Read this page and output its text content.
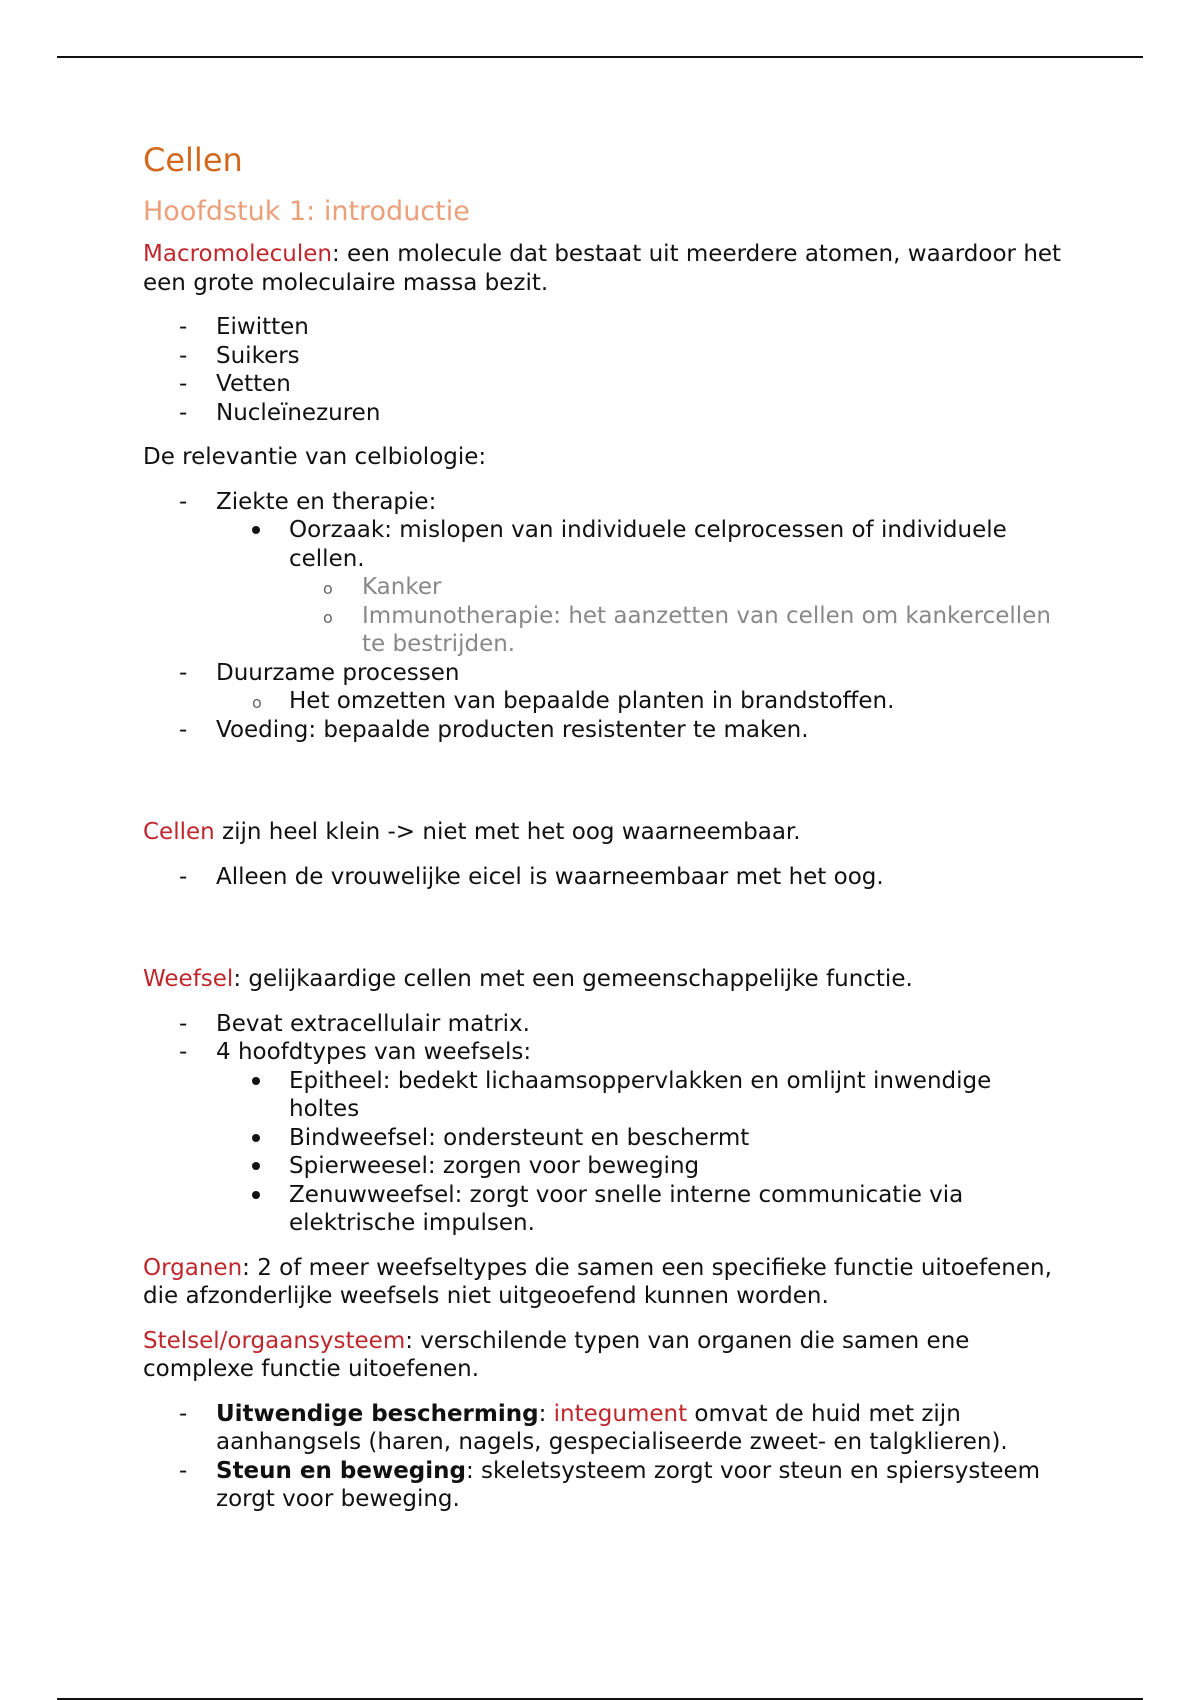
Cellen
Hoofdstuk 1: introductie

Macromoleculen: een molecule dat bestaat uit meerdere atomen, waardoor het een grote moleculaire massa bezit.

- Eiwitten
- Suikers
- Vetten
- Nucleïnezuren

De relevantie van celbiologie:

- Ziekte en therapie:
Oorzaak: mislopen van individuele celprocessen of individuele cellen.
o Kanker
o Immunotherapie: het aanzetten van cellen om kankercellen te bestrijden.
- Duurzame processen
o Het omzetten van bepaalde planten in brandstoffen.
- Voeding: bepaalde producten resistenter te maken.

Cellen zijn heel klein -> niet met het oog waarneembaar.

- Alleen de vrouwelijke eicel is waarneembaar met het oog.

Weefsel: gelijkaardige cellen met een gemeenschappelijke functie.

- Bevat extracellulair matrix.
- 4 hoofdtypes van weefsels:
Epitheel: bedekt lichaamsoppervlakken en omlijnt inwendige holtes
Bindweefsel: ondersteunt en beschermt
Spierweesel: zorgen voor beweging
Zenuwweefsel: zorgt voor snelle interne communicatie via elektrische impulsen.

Organen: 2 of meer weefseltypes die samen een specifieke functie uitoefenen, die afzonderlijke weefsels niet uitgeoefend kunnen worden.

Stelsel/orgaansysteem: verschilende typen van organen die samen ene complexe functie uitoefenen.

- Uitwendige bescherming: integument omvat de huid met zijn aanhangsels (haren, nagels, gespecialiseerde zweet- en talgklieren).
- Steun en beweging: skeletsysteem zorgt voor steun en spiersysteem zorgt voor beweging.
